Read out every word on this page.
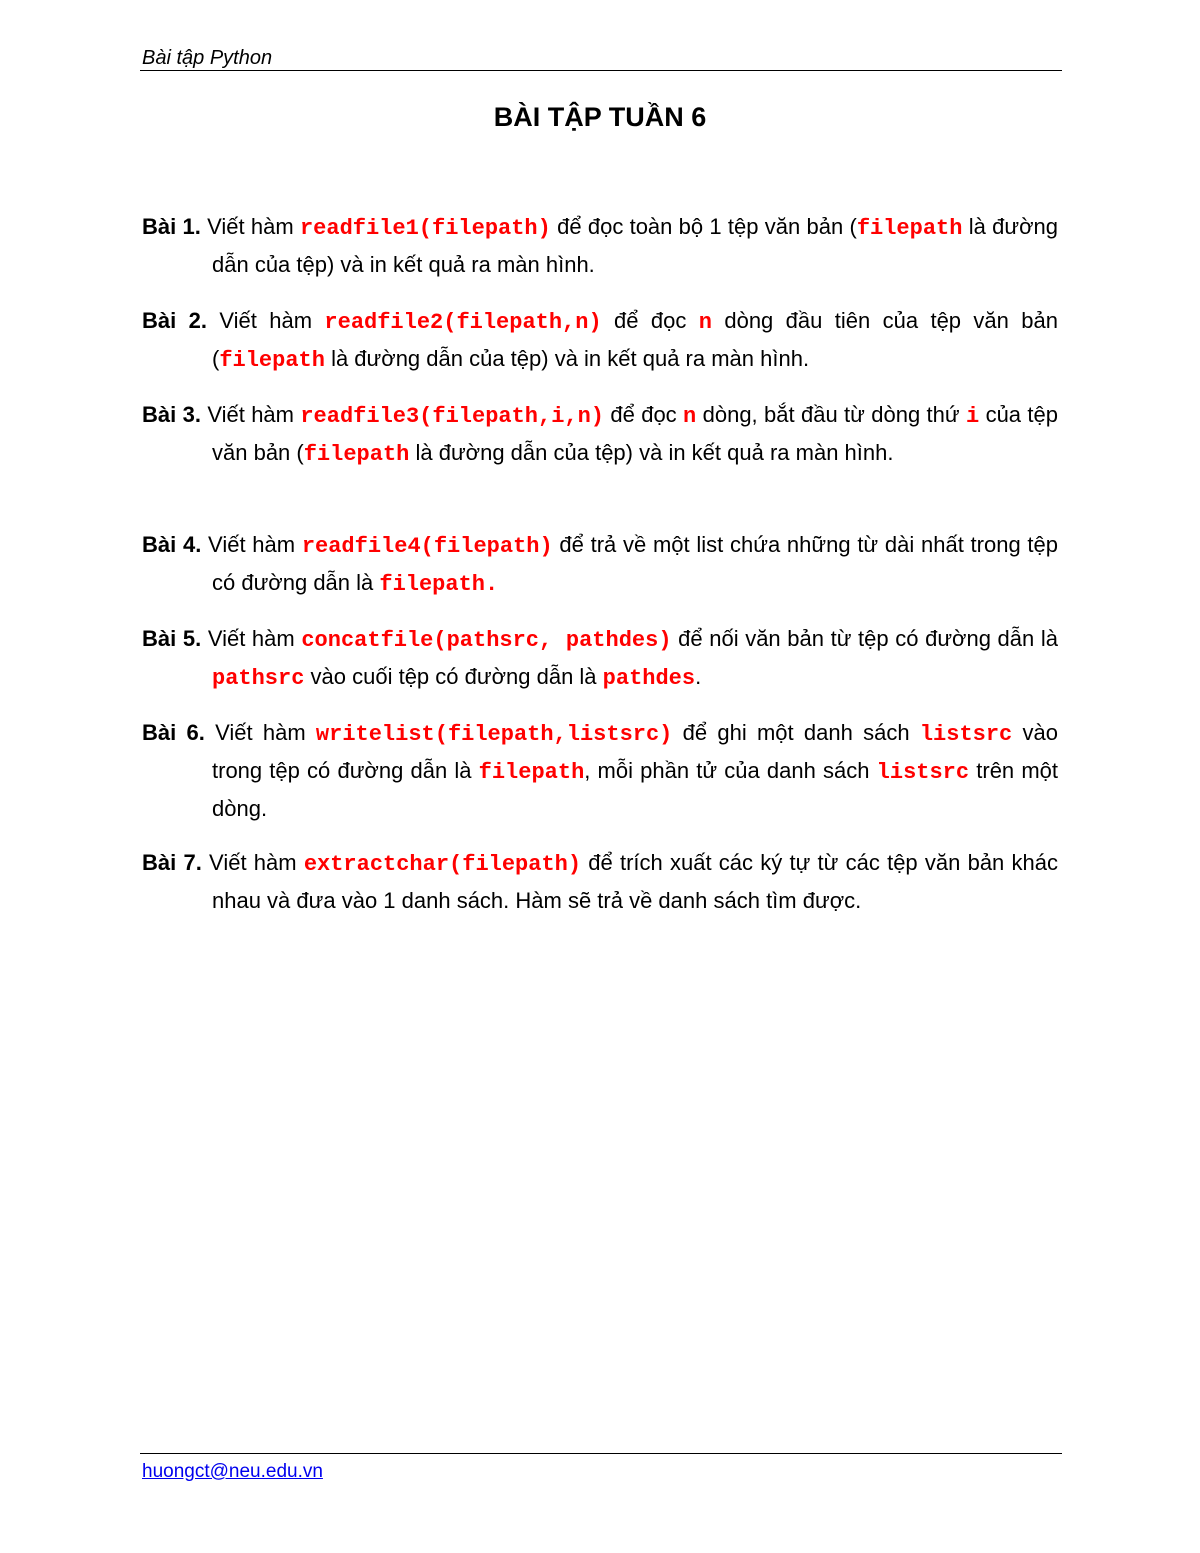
Bài tập Python
BÀI TẬP TUẦN 6

Bài 1. Viết hàm readfile1(filepath) để đọc toàn bộ 1 tệp văn bản (filepath là đường dẫn của tệp) và in kết quả ra màn hình.

Bài 2. Viết hàm readfile2(filepath,n) để đọc n dòng đầu tiên của tệp văn bản (filepath là đường dẫn của tệp) và in kết quả ra màn hình.

Bài 3. Viết hàm readfile3(filepath,i,n) để đọc n dòng, bắt đầu từ dòng thứ i của tệp văn bản (filepath là đường dẫn của tệp) và in kết quả ra màn hình.

Bài 4. Viết hàm readfile4(filepath) để trả về một list chứa những từ dài nhất trong tệp có đường dẫn là filepath.

Bài 5. Viết hàm concatfile(pathsrc, pathdes) để nối văn bản từ tệp có đường dẫn là pathsrc vào cuối tệp có đường dẫn là pathdes.

Bài 6. Viết hàm writelist(filepath,listsrc) để ghi một danh sách listsrc vào trong tệp có đường dẫn là filepath, mỗi phần tử của danh sách listsrc trên một dòng.

Bài 7. Viết hàm extractchar(filepath) để trích xuất các ký tự từ các tệp văn bản khác nhau và đưa vào 1 danh sách. Hàm sẽ trả về danh sách tìm được.

huongct@neu.edu.vn
